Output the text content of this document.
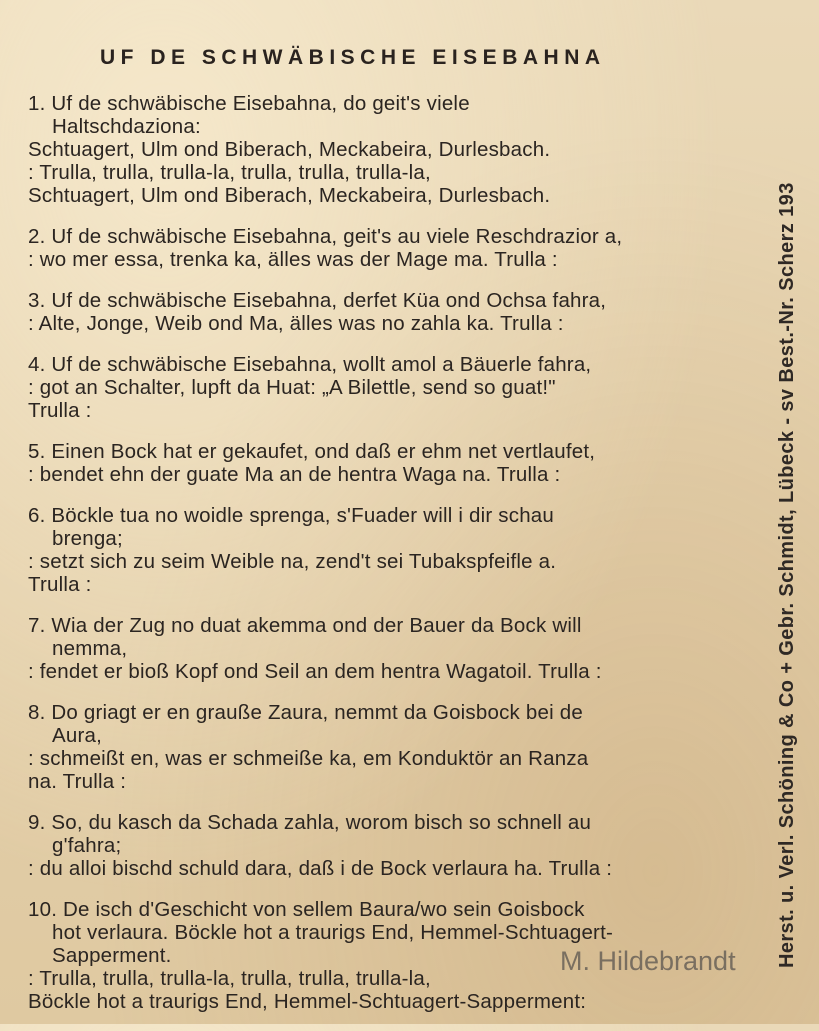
UF DE SCHWÄBISCHE EISEBAHNA
1. Uf de schwäbische Eisebahna, do geit's viele
Haltschdaziona:
Schtuagert, Ulm ond Biberach, Meckabeira, Durlesbach.
: Trulla, trulla, trulla-la, trulla, trulla, trulla-la,
Schtuagert, Ulm ond Biberach, Meckabeira, Durlesbach.
2. Uf de schwäbische Eisebahna, geit's au viele Reschdrazior a,
: wo mer essa, trenka ka, älles was der Mage ma. Trulla :
3. Uf de schwäbische Eisebahna, derfet Küa ond Ochsa fahra,
: Alte, Jonge, Weib ond Ma, älles was no zahla ka. Trulla :
4. Uf de schwäbische Eisebahna, wollt amol a Bäuerle fahra,
: got an Schalter, lupft da Huat: „A Bilettle, send so guat!"
Trulla :
5. Einen Bock hat er gekaufet, ond daß er ehm net vertlaufet,
: bendet ehn der guate Ma an de hentra Waga na. Trulla :
6. Böckle tua no woidle sprenga, s'Fuader will i dir schau
brenga;
: setzt sich zu seim Weible na, zend't sei Tubakspfeifle a.
Trulla :
7. Wia der Zug no duat akemma ond der Bauer da Bock will
nemma,
: fendet er bioß Kopf ond Seil an dem hentra Wagatoil. Trulla :
8. Do griagt er en grauße Zaura, nemmt da Goisbock bei de
Aura,
: schmeißt en, was er schmeiße ka, em Konduktör an Ranza
na. Trulla :
9. So, du kasch da Schada zahla, worom bisch so schnell au
g'fahra;
: du alloi bischd schuld dara, daß i de Bock verlaura ha. Trulla :
10. De isch d'Geschicht von sellem Baura/wo sein Goisbock
hot verlaura. Böckle hot a traurigs End, Hemmel-Schtuagert-
Sapperment.
: Trulla, trulla, trulla-la, trulla, trulla, trulla-la,
Böckle hot a traurigs End, Hemmel-Schtuagert-Sapperment:
Herst. u. Verl. Schöning & Co + Gebr. Schmidt, Lübeck - sv Best.-Nr. Scherz 193
M. Hildebrandt
